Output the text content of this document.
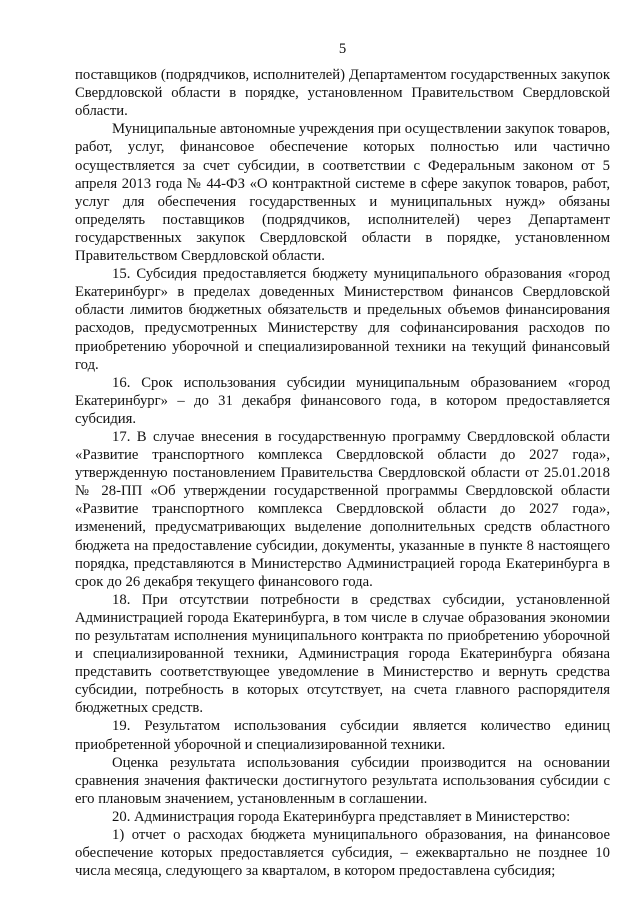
5

поставщиков (подрядчиков, исполнителей) Департаментом государственных закупок Свердловской области в порядке, установленном Правительством Свердловской области.

Муниципальные автономные учреждения при осуществлении закупок товаров, работ, услуг, финансовое обеспечение которых полностью или частично осуществляется за счет субсидии, в соответствии с Федеральным законом от 5 апреля 2013 года № 44-ФЗ «О контрактной системе в сфере закупок товаров, работ, услуг для обеспечения государственных и муниципальных нужд» обязаны определять поставщиков (подрядчиков, исполнителей) через Департамент государственных закупок Свердловской области в порядке, установленном Правительством Свердловской области.

15. Субсидия предоставляется бюджету муниципального образования «город Екатеринбург» в пределах доведенных Министерством финансов Свердловской области лимитов бюджетных обязательств и предельных объемов финансирования расходов, предусмотренных Министерству для софинансирования расходов по приобретению уборочной и специализированной техники на текущий финансовый год.

16. Срок использования субсидии муниципальным образованием «город Екатеринбург» – до 31 декабря финансового года, в котором предоставляется субсидия.

17. В случае внесения в государственную программу Свердловской области «Развитие транспортного комплекса Свердловской области до 2027 года», утвержденную постановлением Правительства Свердловской области от 25.01.2018 № 28-ПП «Об утверждении государственной программы Свердловской области «Развитие транспортного комплекса Свердловской области до 2027 года», изменений, предусматривающих выделение дополнительных средств областного бюджета на предоставление субсидии, документы, указанные в пункте 8 настоящего порядка, представляются в Министерство Администрацией города Екатеринбурга в срок до 26 декабря текущего финансового года.

18. При отсутствии потребности в средствах субсидии, установленной Администрацией города Екатеринбурга, в том числе в случае образования экономии по результатам исполнения муниципального контракта по приобретению уборочной и специализированной техники, Администрация города Екатеринбурга обязана представить соответствующее уведомление в Министерство и вернуть средства субсидии, потребность в которых отсутствует, на счета главного распорядителя бюджетных средств.

19. Результатом использования субсидии является количество единиц приобретенной уборочной и специализированной техники.

Оценка результата использования субсидии производится на основании сравнения значения фактически достигнутого результата использования субсидии с его плановым значением, установленным в соглашении.

20. Администрация города Екатеринбурга представляет в Министерство:

1) отчет о расходах бюджета муниципального образования, на финансовое обеспечение которых предоставляется субсидия, – ежеквартально не позднее 10 числа месяца, следующего за кварталом, в котором предоставлена субсидия;
